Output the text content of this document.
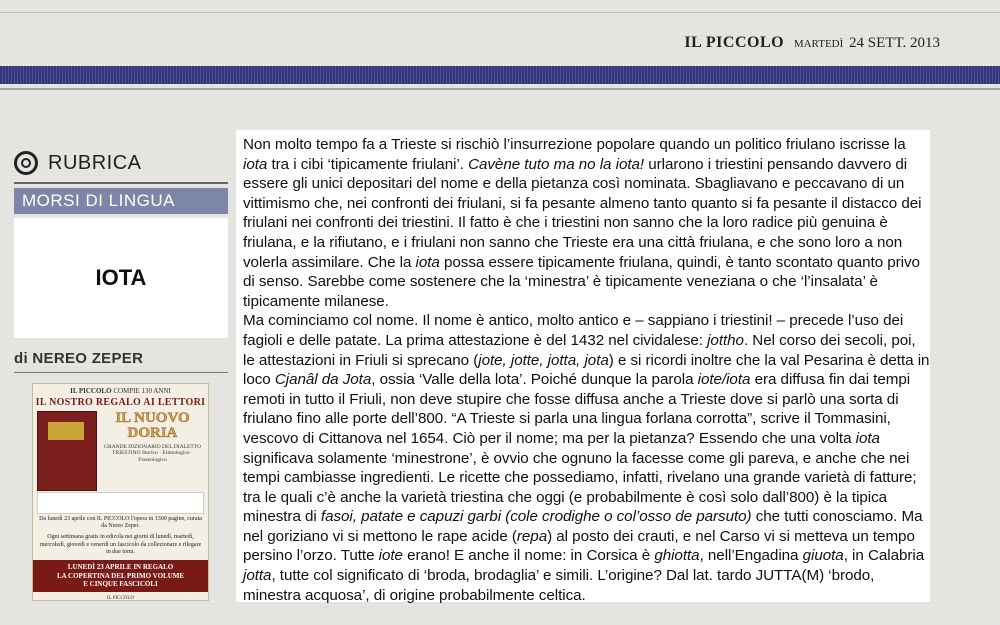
IL PICCOLO martedì 24 SETT. 2013
RUBRICA
MORSI DI LINGUA
IOTA
di NEREO ZEPER
IL PICCOLO COMPIE 130 ANNI
IL NOSTRO REGALO AI LETTORI
IL NUOVO
DORIA
GRANDE DIZIONARIO DEL DIALETTO TRIESTINO Storico · Etimologico · Fraseologico
Da lunedì 23 aprile con IL PICCOLO l'opera in 1300 pagine, curata da Nereo Zeper.
Ogni settimana gratis in edicola nei giorni di lunedì, martedì, mercoledì, giovedì e venerdì un fascicolo da collezionare e rilegare in due tomi.
LUNEDÌ 23 APRILE IN REGALO
LA COPERTINA DEL PRIMO VOLUME
E CINQUE FASCICOLI
IL PICCOLO

Non molto tempo fa a Trieste si rischiò l’insurrezione popolare quando un politico friulano iscrisse la iota tra i cibi ‘tipicamente friulani’. Cavène tuto ma no la iota! urlarono i triestini pensando davvero di essere gli unici depositari del nome e della pietanza così nominata. Sbagliavano e peccavano di un vittimismo che, nei confronti dei friulani, si fa pesante almeno tanto quanto si fa pesante il distacco dei friulani nei confronti dei triestini. Il fatto è che i triestini non sanno che la loro radice più genuina è friulana, e la rifiutano, e i friulani non sanno che Trieste era una città friulana, e che sono loro a non volerla assimilare. Che la iota possa essere tipicamente friulana, quindi, è tanto scontato quanto privo di senso. Sarebbe come sostenere che la ‘minestra’ è tipicamente veneziana o che ‘l’insalata’ è tipicamente milanese.

Ma cominciamo col nome. Il nome è antico, molto antico e – sappiano i triestini! – precede l’uso dei fagioli e delle patate. La prima attestazione è del 1432 nel cividalese: jottho. Nel corso dei secoli, poi, le attestazioni in Friuli si sprecano (jote, jotte, jotta, jota) e si ricordi inoltre che la val Pesarina è detta in loco Cjanâl da Jota, ossia ‘Valle della lota’. Poiché dunque la parola iote/iota era diffusa fin dai tempi remoti in tutto il Friuli, non deve stupire che fosse diffusa anche a Trieste dove si parlò una sorta di friulano fino alle porte dell’800. “A Trieste si parla una lingua forlana corrotta”, scrive il Tommasini, vescovo di Cittanova nel 1654. Ciò per il nome; ma per la pietanza? Essendo che una volta iota significava solamente ‘minestrone’, è ovvio che ognuno la facesse come gli pareva, e anche che nei tempi cambiasse ingredienti. Le ricette che possediamo, infatti, rivelano una grande varietà di fatture; tra le quali c’è anche la varietà triestina che oggi (e probabilmente è così solo dall’800) è la tipica minestra di fasoi, patate e capuzi garbi (cole crodighe o col’osso de parsuto) che tutti conosciamo. Ma nel goriziano vi si mettono le rape acide (repa) al posto dei crauti, e nel Carso vi si metteva un tempo persino l’orzo. Tutte iote erano! E anche il nome: in Corsica è ghiotta, nell’Engadina giuota, in Calabria jotta, tutte col significato di ‘broda, brodaglia’ e simili. L’origine? Dal lat. tardo JUTTA(M) ‘brodo, minestra acquosa’, di origine probabilmente celtica.
